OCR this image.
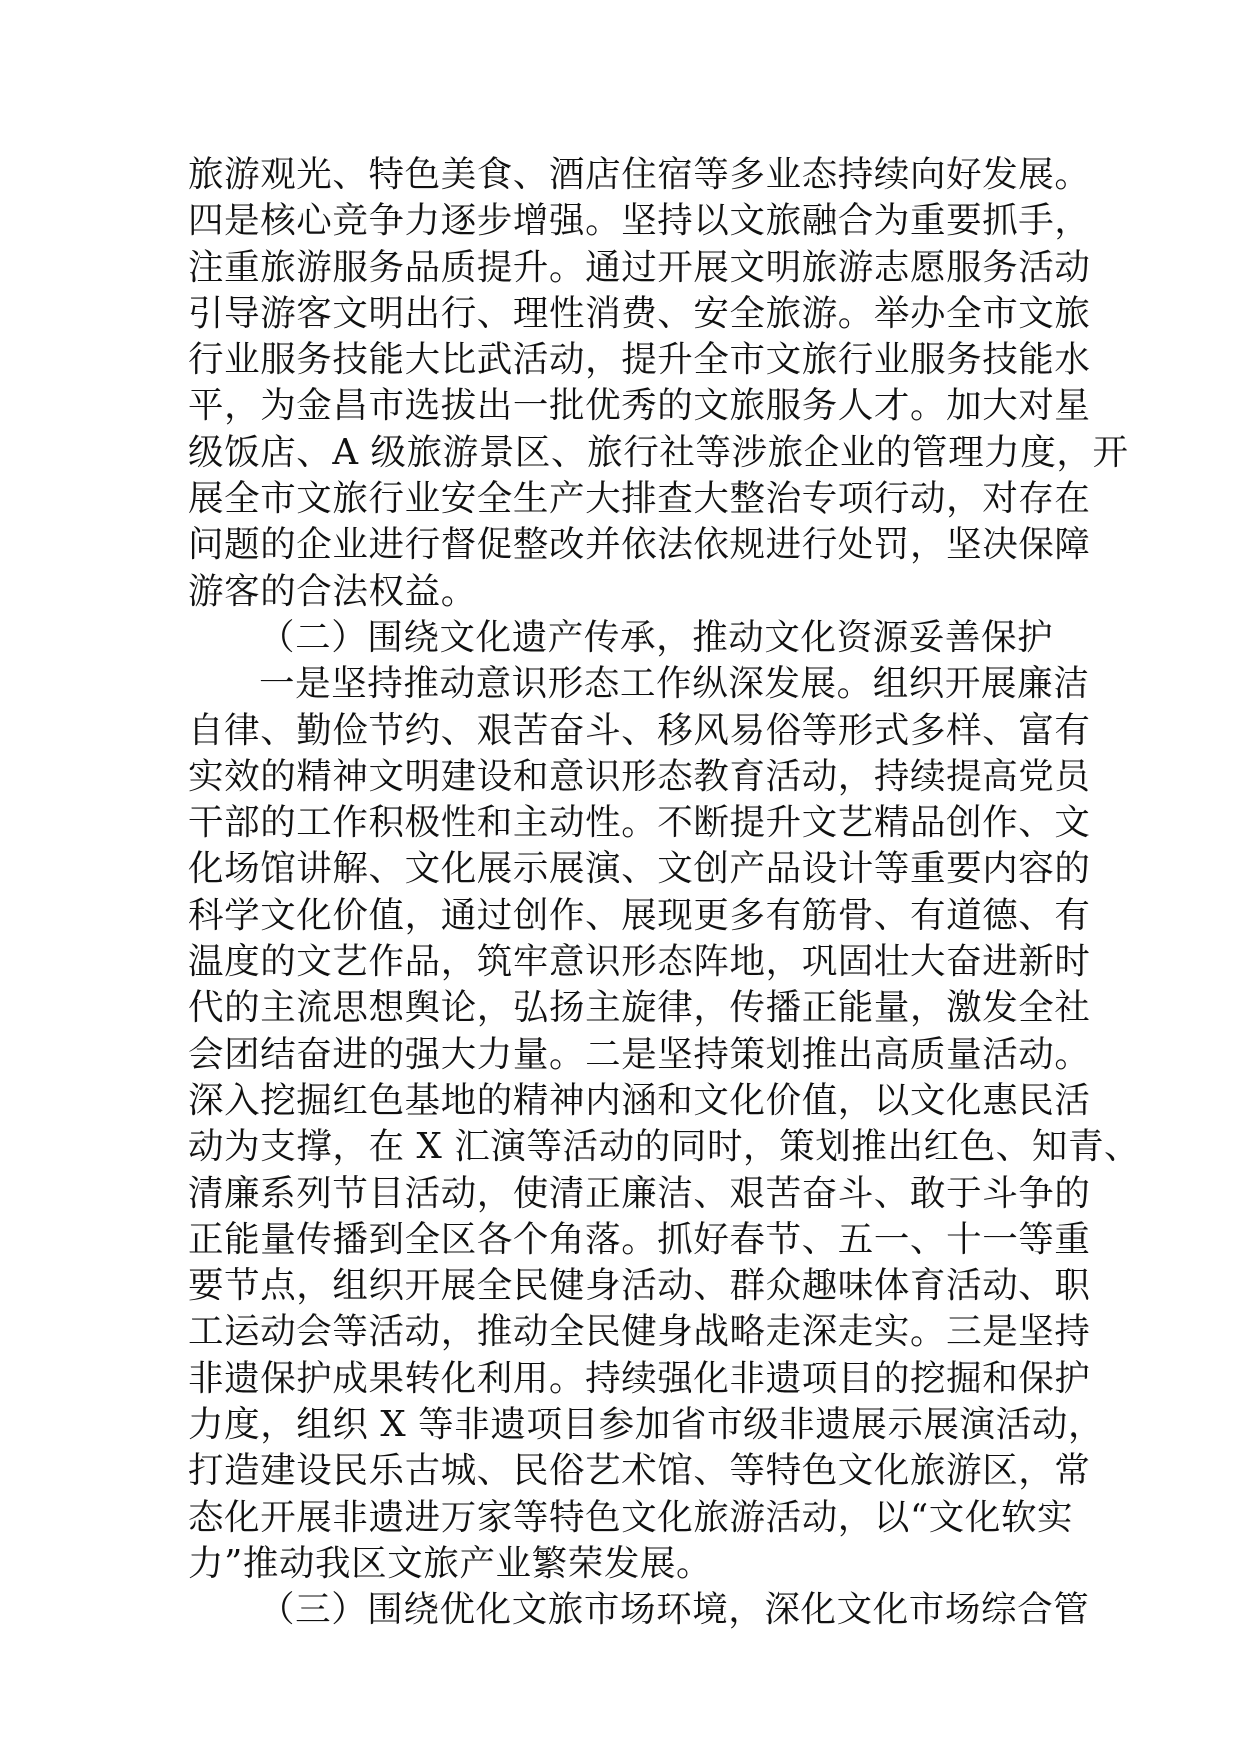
旅游观光、特色美食、酒店住宿等多业态持续向好发展。
四是核心竞争力逐步增强。坚持以文旅融合为重要抓手，
注重旅游服务品质提升。通过开展文明旅游志愿服务活动
引导游客文明出行、理性消费、安全旅游。举办全市文旅
行业服务技能大比武活动，提升全市文旅行业服务技能水
平，为金昌市选拔出一批优秀的文旅服务人才。加大对星
级饭店、A 级旅游景区、旅行社等涉旅企业的管理力度，开
展全市文旅行业安全生产大排查大整治专项行动，对存在
问题的企业进行督促整改并依法依规进行处罚，坚决保障
游客的合法权益。
（二）围绕文化遗产传承，推动文化资源妥善保护
一是坚持推动意识形态工作纵深发展。组织开展廉洁
自律、勤俭节约、艰苦奋斗、移风易俗等形式多样、富有
实效的精神文明建设和意识形态教育活动，持续提高党员
干部的工作积极性和主动性。不断提升文艺精品创作、文
化场馆讲解、文化展示展演、文创产品设计等重要内容的
科学文化价值，通过创作、展现更多有筋骨、有道德、有
温度的文艺作品，筑牢意识形态阵地，巩固壮大奋进新时
代的主流思想舆论，弘扬主旋律，传播正能量，激发全社
会团结奋进的强大力量。二是坚持策划推出高质量活动。
深入挖掘红色基地的精神内涵和文化价值，以文化惠民活
动为支撑，在 X 汇演等活动的同时，策划推出红色、知青、
清廉系列节目活动，使清正廉洁、艰苦奋斗、敢于斗争的
正能量传播到全区各个角落。抓好春节、五一、十一等重
要节点，组织开展全民健身活动、群众趣味体育活动、职
工运动会等活动，推动全民健身战略走深走实。三是坚持
非遗保护成果转化利用。持续强化非遗项目的挖掘和保护
力度，组织 X 等非遗项目参加省市级非遗展示展演活动，
打造建设民乐古城、民俗艺术馆、等特色文化旅游区，常
态化开展非遗进万家等特色文化旅游活动，以“文化软实
力”推动我区文旅产业繁荣发展。
（三）围绕优化文旅市场环境，深化文化市场综合管
